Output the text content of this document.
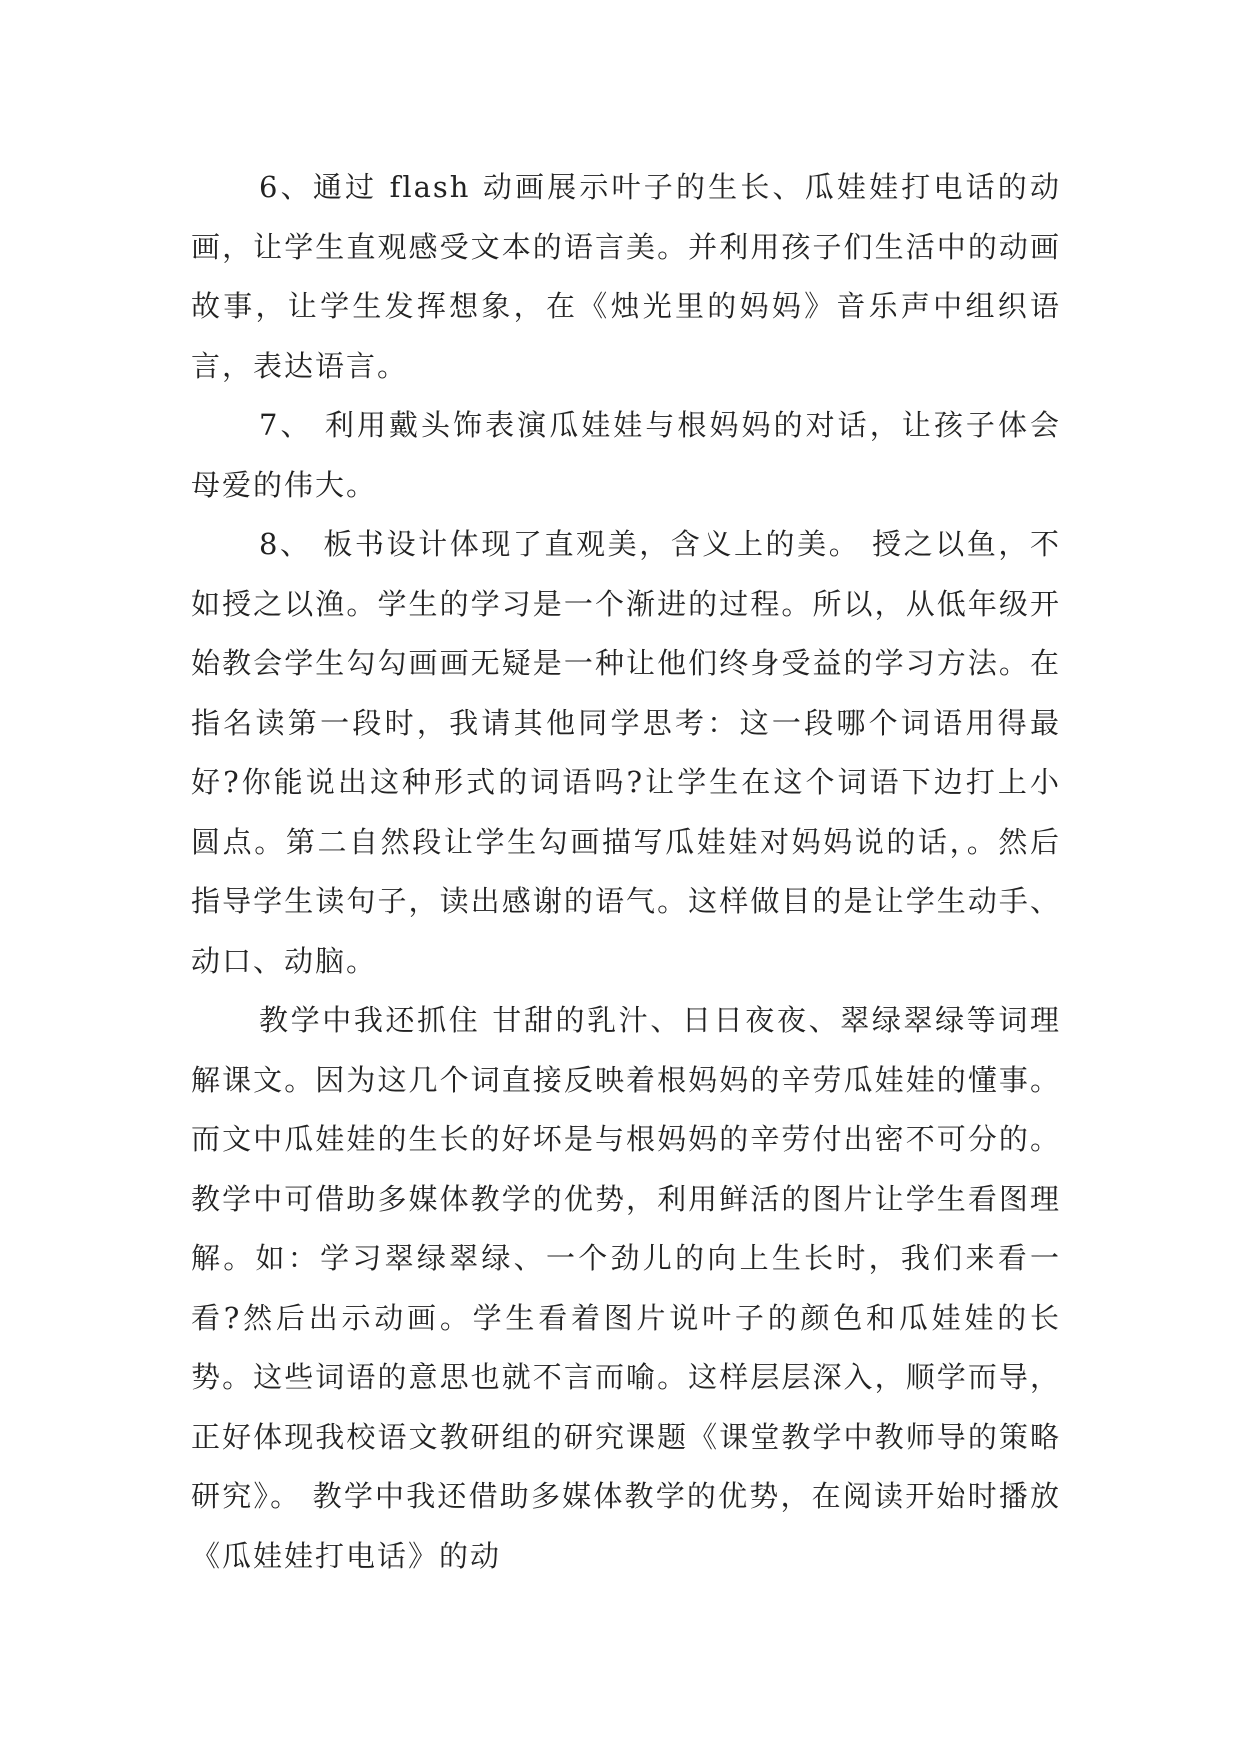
6、通过 flash 动画展示叶子的生长、瓜娃娃打电话的动画，让学生直观感受文本的语言美。并利用孩子们生活中的动画故事，让学生发挥想象，在《烛光里的妈妈》音乐声中组织语言，表达语言。

7、 利用戴头饰表演瓜娃娃与根妈妈的对话，让孩子体会母爱的伟大。

8、 板书设计体现了直观美，含义上的美。 授之以鱼，不如授之以渔。学生的学习是一个渐进的过程。所以，从低年级开始教会学生勾勾画画无疑是一种让他们终身受益的学习方法。在指名读第一段时，我请其他同学思考：这一段哪个词语用得最好?你能说出这种形式的词语吗?让学生在这个词语下边打上小圆点。第二自然段让学生勾画描写瓜娃娃对妈妈说的话，。然后指导学生读句子，读出感谢的语气。这样做目的是让学生动手、动口、动脑。

教学中我还抓住 甘甜的乳汁、日日夜夜、翠绿翠绿等词理解课文。因为这几个词直接反映着根妈妈的辛劳瓜娃娃的懂事。而文中瓜娃娃的生长的好坏是与根妈妈的辛劳付出密不可分的。教学中可借助多媒体教学的优势，利用鲜活的图片让学生看图理解。如：学习翠绿翠绿、一个劲儿的向上生长时，我们来看一看?然后出示动画。学生看着图片说叶子的颜色和瓜娃娃的长势。这些词语的意思也就不言而喻。这样层层深入，顺学而导，正好体现我校语文教研组的研究课题《课堂教学中教师导的策略研究》。 教学中我还借助多媒体教学的优势，在阅读开始时播放《瓜娃娃打电话》的动
